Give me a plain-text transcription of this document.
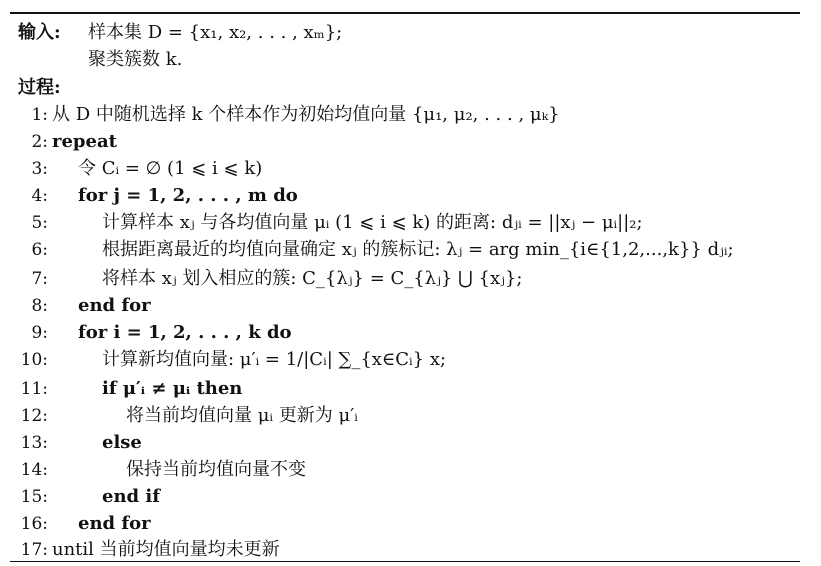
输入: 样本集 D = {x₁, x₂, . . . , xₘ};
聚类簇数 k.
过程:
1: 从 D 中随机选择 k 个样本作为初始均值向量 {μ₁, μ₂, . . . , μₖ}
2: repeat
3: 令 Cᵢ = ∅ (1 ⩽ i ⩽ k)
4: for j = 1, 2, . . . , m do
5:	计算样本 xⱼ 与各均值向量 μᵢ (1 ⩽ i ⩽ k) 的距离: dⱼᵢ = ||xⱼ − μᵢ||₂;
6:	根据距离最近的均值向量确定 xⱼ 的簇标记: λⱼ = arg min_{i∈{1,2,...,k}} dⱼᵢ;
7:	将样本 xⱼ 划入相应的簇: C_{λⱼ} = C_{λⱼ} ⋃ {xⱼ};
8: end for
9: for i = 1, 2, . . . , k do
10:	计算新均值向量: μ′ᵢ = 1/|Cᵢ| ∑_{x∈Cᵢ} x;
11:	if μ′ᵢ ≠ μᵢ then
12:	将当前均值向量 μᵢ 更新为 μ′ᵢ
13:	else
14:	保持当前均值向量不变
15:	end if
16: end for
17: until 当前均值向量均未更新
